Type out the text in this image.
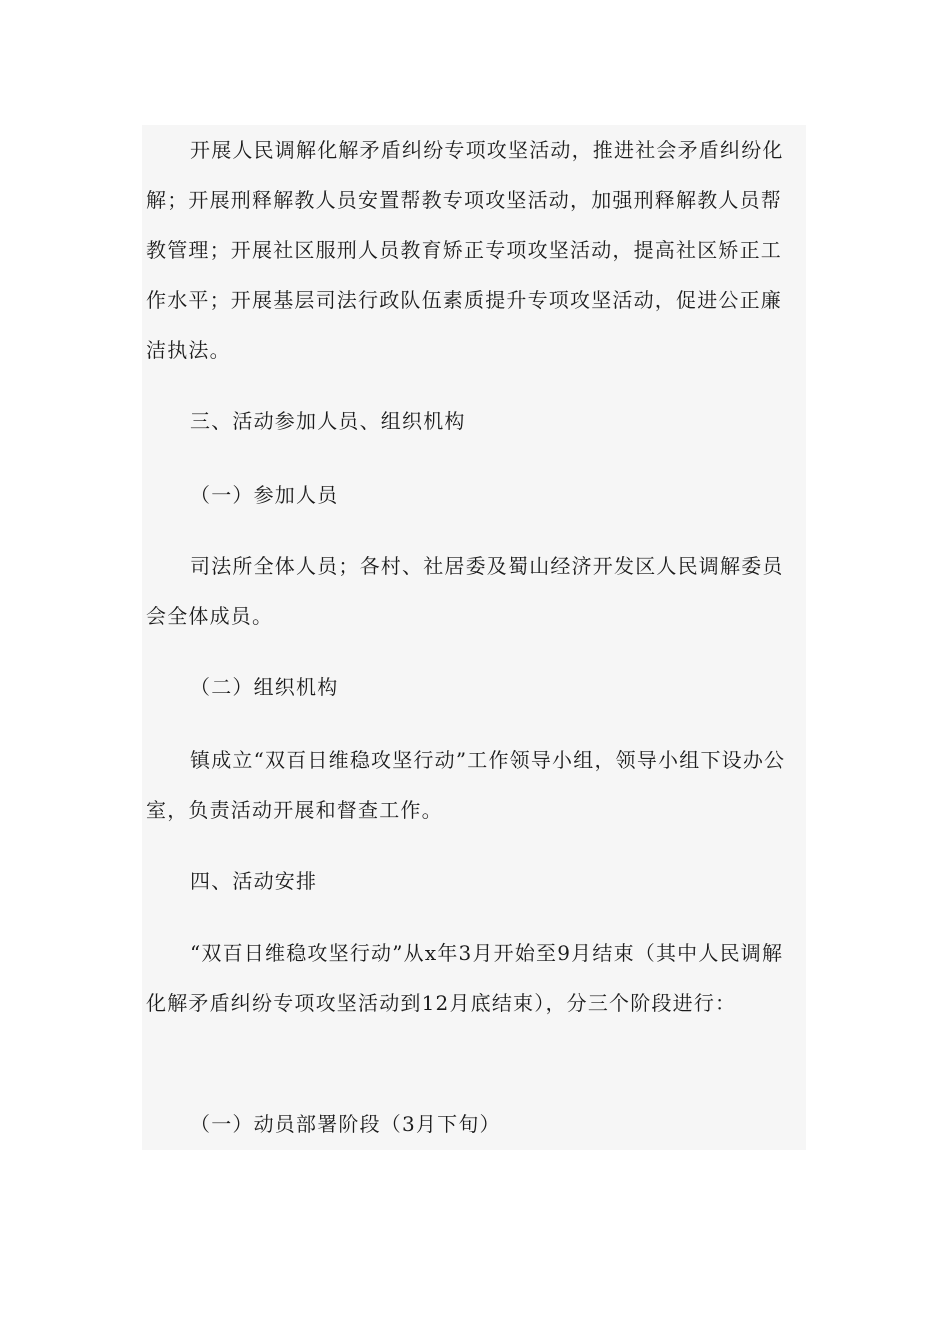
开展人民调解化解矛盾纠纷专项攻坚活动，推进社会矛盾纠纷化解；开展刑释解教人员安置帮教专项攻坚活动，加强刑释解教人员帮教管理；开展社区服刑人员教育矫正专项攻坚活动，提高社区矫正工作水平；开展基层司法行政队伍素质提升专项攻坚活动，促进公正廉洁执法。

三、活动参加人员、组织机构

（一）参加人员

司法所全体人员；各村、社居委及蜀山经济开发区人民调解委员会全体成员。

（二）组织机构

镇成立“双百日维稳攻坚行动”工作领导小组，领导小组下设办公室，负责活动开展和督查工作。

四、活动安排

“双百日维稳攻坚行动”从x年3月开始至9月结束（其中人民调解化解矛盾纠纷专项攻坚活动到12月底结束），分三个阶段进行：

（一）动员部署阶段（3月下旬）
